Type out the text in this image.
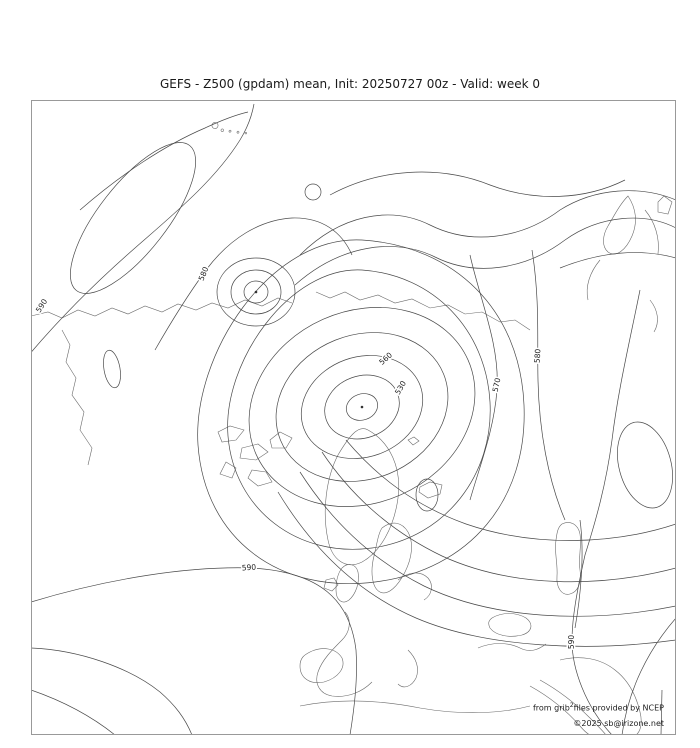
GEFS - Z500 (gpdam) mean, Init: 20250727 00z - Valid: week 0
590
580
560
530	570
580
590
590
from grib$^2$files provided by NCEP
©2025 sb@irizone.net
